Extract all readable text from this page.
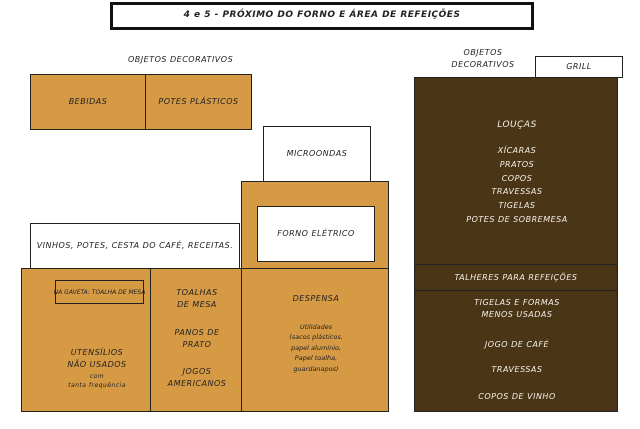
4 e 5 - PRÓXIMO DO FORNO E ÁREA DE REFEIÇÕES
OBJETOS DECORATIVOS
BEBIDAS	POTES PLÁSTICOS
VINHOS, POTES, CESTA DO CAFÉ, RECEITAS.
NA GAVETA: TOALHA DE MESA
UTENSÍLIOS
NÃO USADOS
com
tanta frequência
TOALHAS
DE MESA
PANOS DE
PRATO
JOGOS
AMERICANOS
MICROONDAS
FORNO ELÉTRICO
DESPENSA
Utilidades
(sacos plásticos,
papel alumínio,
Papel toalha,
guardanapos)
OBJETOS
DECORATIVOS	GRILL
LOUÇAS
XÍCARAS
PRATOS
COPOS
TRAVESSAS
TIGELAS
POTES DE SOBREMESA
TALHERES PARA REFEIÇÕES
TIGELAS E FORMAS
MENOS USADAS
JOGO DE CAFÉ
TRAVESSAS
COPOS DE VINHO
